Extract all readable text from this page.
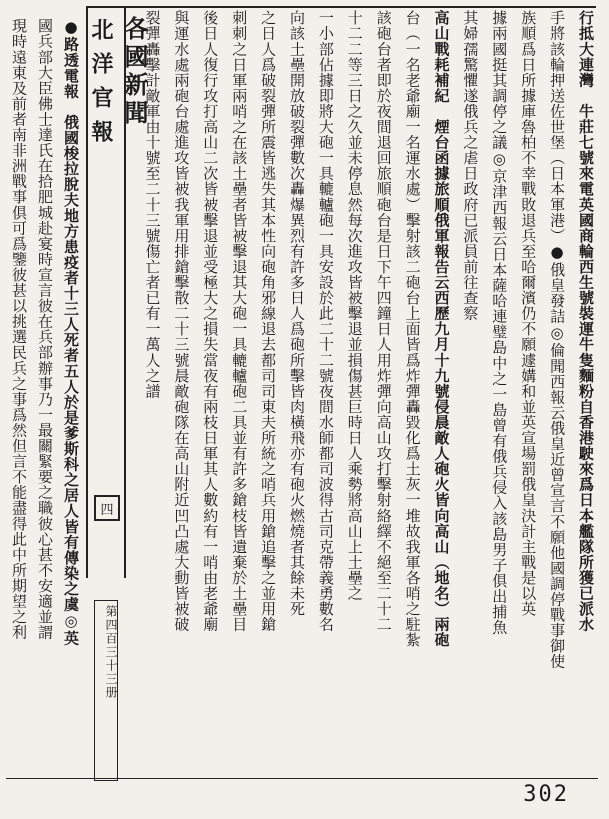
行抵大連灣　牛莊七號來電英國商輪西生號裝運牛隻麵粉自香港駛來爲日本艦隊所獲已派水
手將該輪押送佐世堡（日本軍港）●俄皇發詰◎倫聞西報云俄皇近曾宣言不願他國調停戰事御使
族順爲日所據庫魯柏不幸戰敗退兵至哈爾濱仍不願遽媾和並英宣場罰俄皇決計主戰是以英
據兩國挺其調停之議◎京津西報云日本薩哈連璧島中之一島曾有俄兵侵入該島男子俱出捕魚
其婦孺驚懼遂俄兵之虐日政府已派員前往查察
高山戰耗補紀　煙台函據旅順俄軍報告云西歷九月十九號侵晨敵人砲火皆向高山（地名）兩砲
台（一名老爺廟一名運水處）擊射該二砲台上面皆爲炸彈轟毀化爲土灰一堆故我軍各哨之駐紮
該砲台者即於夜間退回旅順砲台是日下午四鐘日人用炸彈向高山攻打擊射絡繹不絕至二十二
十二二等三日之久並未停息然每次進攻皆被擊退並損傷甚巨時日人乘勢將高山上土壘之
一小部佔據即將大砲一具轆轤砲一具安設於此二十二號夜間水師都司波得古司克帶義勇數名
向該土壘開放破裂彈數次轟爆異烈有許多日人爲砲所擊皆肉橫飛亦有砲火燃燒者其餘未死
之日人爲破裂彈所震皆逃失其本性向砲角邪線退去都司司東夫所統之哨兵用鎗追擊之並用鎗
刺刺之日軍兩哨之在該土壘者皆被擊退其大砲一具轆轤砲二具並有許多鎗枝皆遺棄於土壘目
後日人復行攻打高山二次皆被擊退並受極大之損失當夜有兩枝日軍其人數約有一哨由老爺廟
與運水處兩砲台處進攻皆被我軍用排鎗擊散二十三號晨敵砲隊在高山附近凹凸處大動皆被破
裂彈轟擊計敵軍由十號至二十三號傷亡者已有一萬人之譜
各國新聞
北洋官報
四
第四百三十三册
●路透電報　俄國梭拉脫夫地方患疫者十三人死者五人於是爹斯科之居人皆有傳染之虞◎英
國兵部大臣佛士達氏在拾肥城赴宴時宣言彼在兵部辦事乃一最關緊要之職彼心甚不安適並謂
現時遠東及前者南非洲戰事俱可爲鑒彼甚以挑選民兵之事爲然但言不能盡得此中所期望之利
302
